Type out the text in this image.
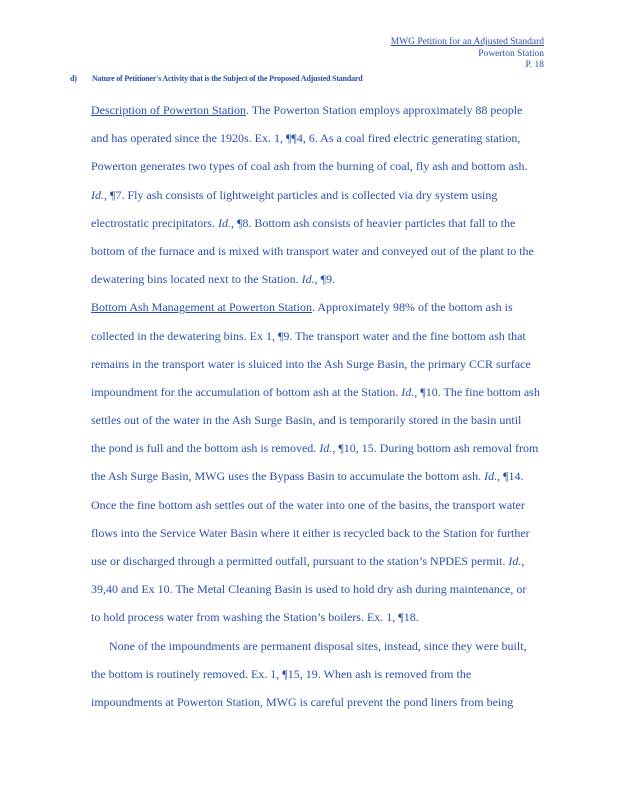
MWG Petition for an Adjusted Standard
Powerton Station
P. 18
d) Nature of Petitioner's Activity that is the Subject of the Proposed Adjusted Standard
Description of Powerton Station. The Powerton Station employs approximately 88 people
and has operated since the 1920s. Ex. 1, ¶¶4, 6. As a coal fired electric generating station,
Powerton generates two types of coal ash from the burning of coal, fly ash and bottom ash.
Id., ¶7. Fly ash consists of lightweight particles and is collected via dry system using
electrostatic precipitators. Id., ¶8. Bottom ash consists of heavier particles that fall to the
bottom of the furnace and is mixed with transport water and conveyed out of the plant to the
dewatering bins located next to the Station. Id., ¶9.
Bottom Ash Management at Powerton Station. Approximately 98% of the bottom ash is
collected in the dewatering bins. Ex 1, ¶9. The transport water and the fine bottom ash that
remains in the transport water is sluiced into the Ash Surge Basin, the primary CCR surface
impoundment for the accumulation of bottom ash at the Station. Id., ¶10. The fine bottom ash
settles out of the water in the Ash Surge Basin, and is temporarily stored in the basin until
the pond is full and the bottom ash is removed. Id., ¶10, 15. During bottom ash removal from
the Ash Surge Basin, MWG uses the Bypass Basin to accumulate the bottom ash. Id., ¶14.
Once the fine bottom ash settles out of the water into one of the basins, the transport water
flows into the Service Water Basin where it either is recycled back to the Station for further
use or discharged through a permitted outfall, pursuant to the station’s NPDES permit. Id.,
39,40 and Ex 10. The Metal Cleaning Basin is used to hold dry ash during maintenance, or
to hold process water from washing the Station’s boilers. Ex. 1, ¶18.
None of the impoundments are permanent disposal sites, instead, since they were built,
the bottom is routinely removed. Ex. 1, ¶15, 19. When ash is removed from the
impoundments at Powerton Station, MWG is careful prevent the pond liners from being
